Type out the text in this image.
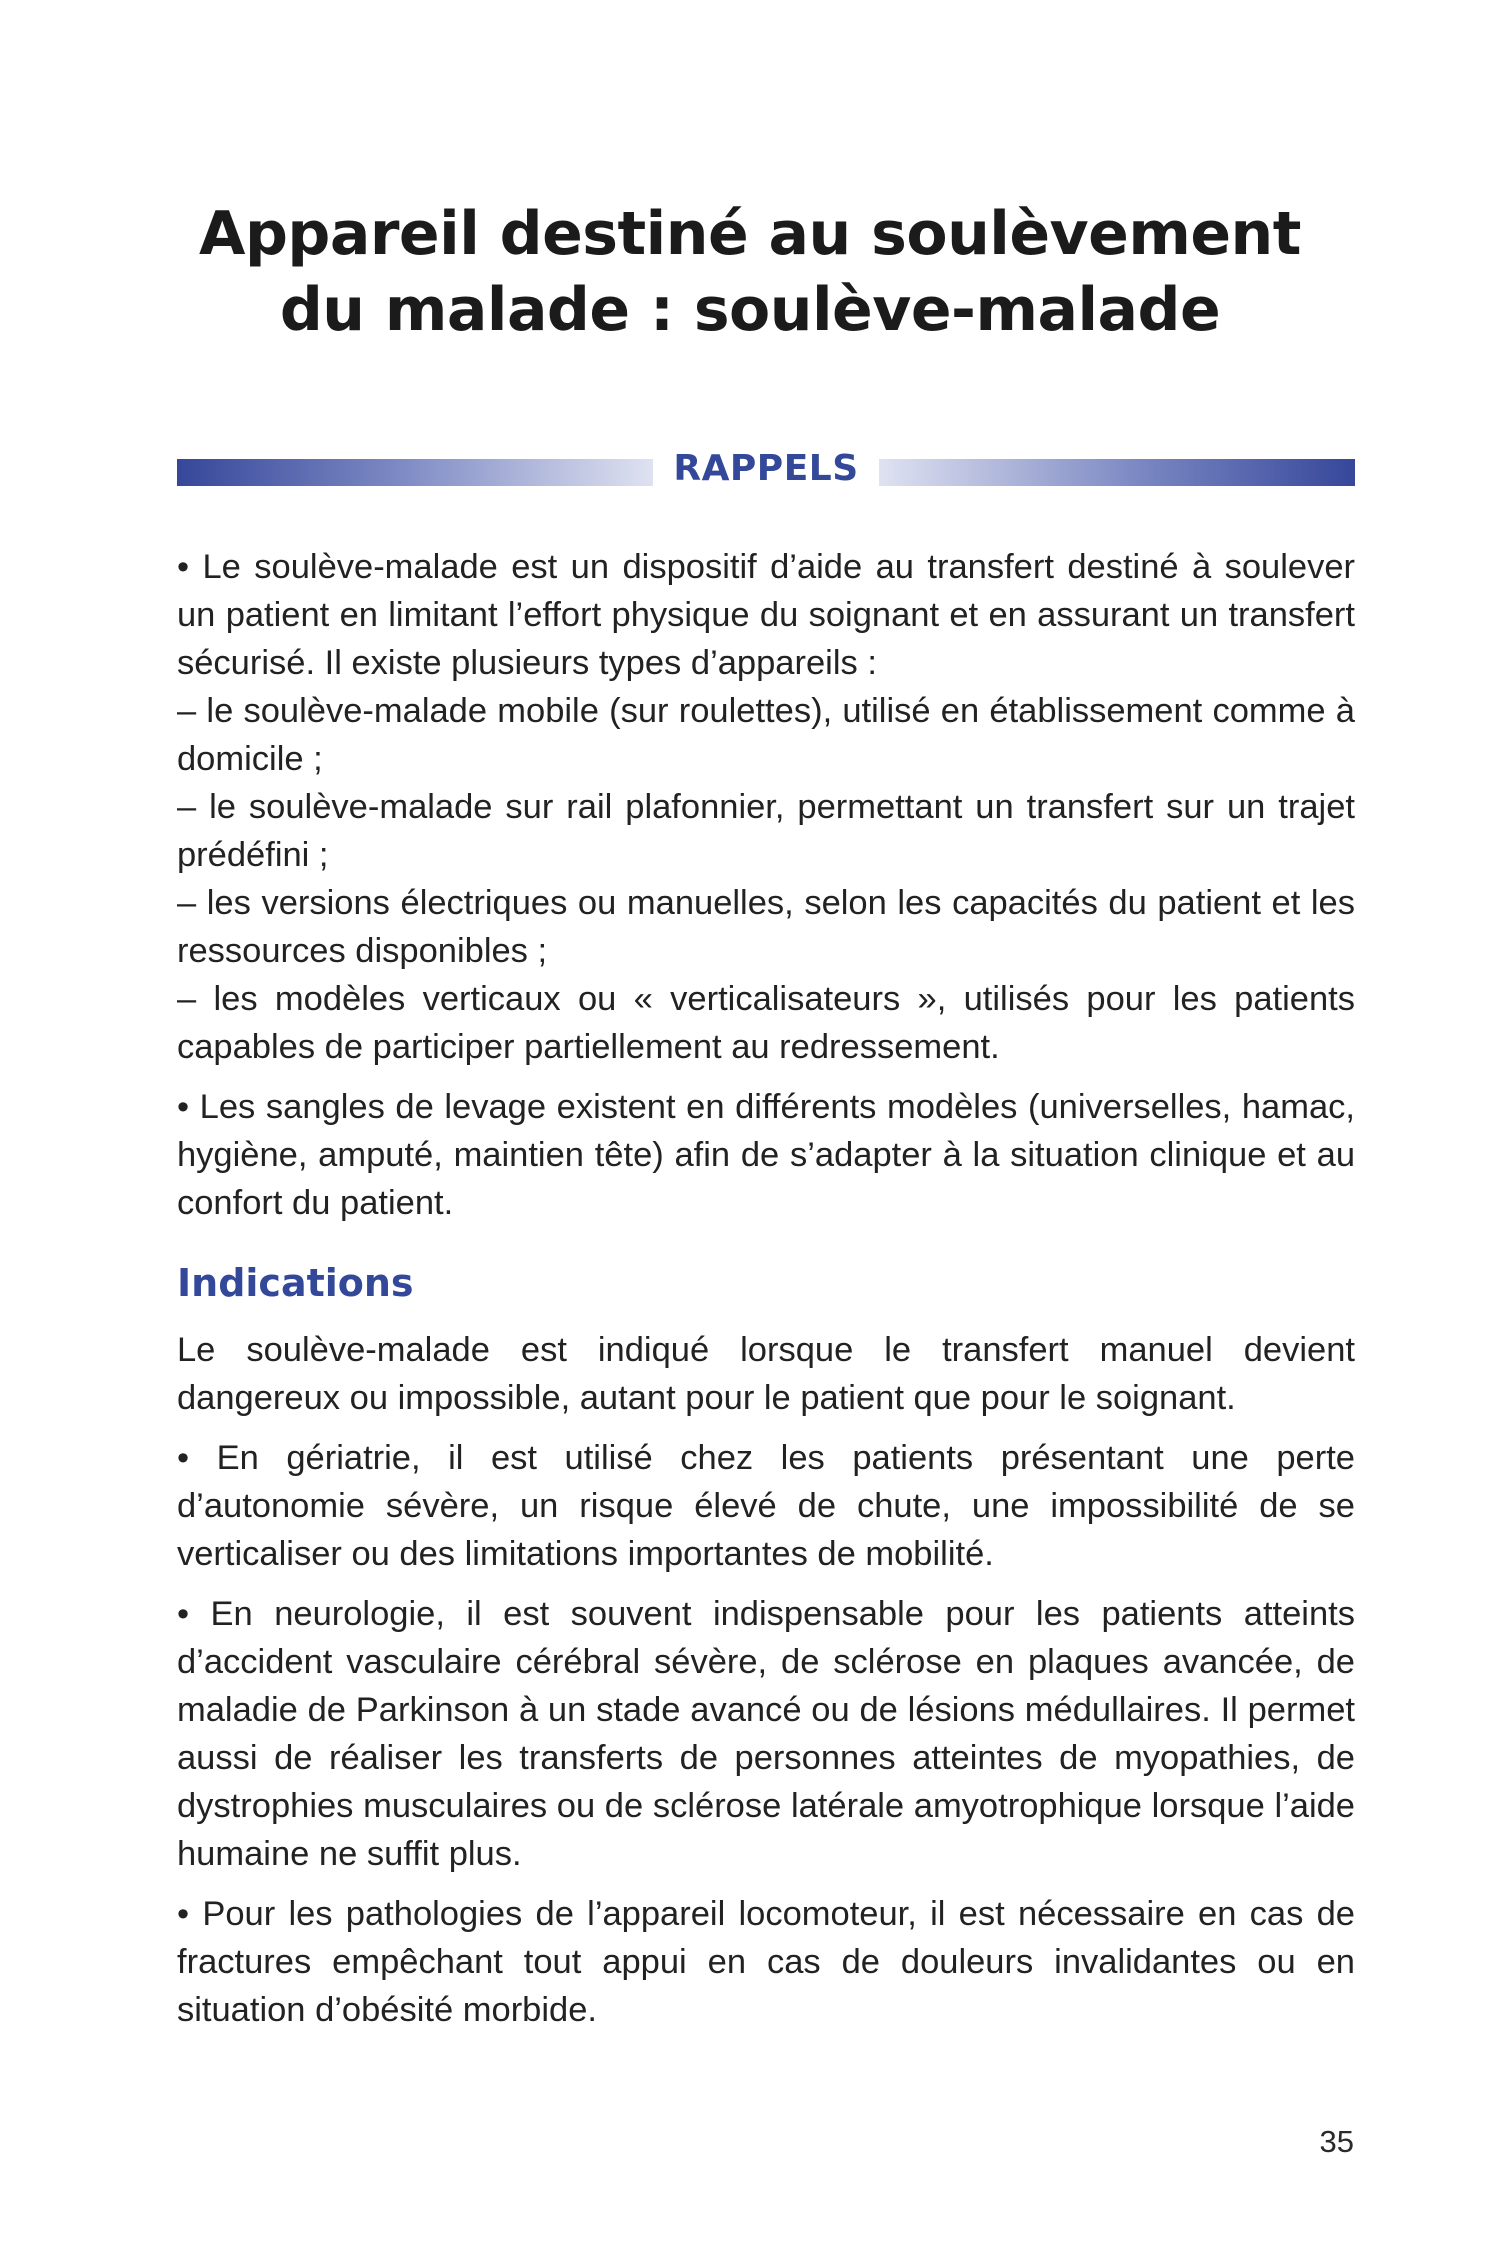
Appareil destiné au soulèvement
du malade : soulève-malade
RAPPELS

• Le soulève-malade est un dispositif d’aide au transfert destiné à soulever un patient en limitant l’effort physique du soignant et en assurant un transfert sécurisé. Il existe plusieurs types d’appareils :

– le soulève-malade mobile (sur roulettes), utilisé en établissement comme à domicile ;

– le soulève-malade sur rail plafonnier, permettant un transfert sur un trajet prédéfini ;

– les versions électriques ou manuelles, selon les capacités du patient et les ressources disponibles ;

– les modèles verticaux ou « verticalisateurs », utilisés pour les patients capables de participer partiellement au redressement.

• Les sangles de levage existent en différents modèles (universelles, hamac, hygiène, amputé, maintien tête) afin de s’adapter à la situation clinique et au confort du patient.

Indications

Le soulève-malade est indiqué lorsque le transfert manuel devient dangereux ou impossible, autant pour le patient que pour le soignant.

• En gériatrie, il est utilisé chez les patients présentant une perte d’autonomie sévère, un risque élevé de chute, une impossibilité de se verticaliser ou des limitations importantes de mobilité.

• En neurologie, il est souvent indispensable pour les patients atteints d’accident vasculaire cérébral sévère, de sclérose en plaques avancée, de maladie de Parkinson à un stade avancé ou de lésions médullaires. Il permet aussi de réaliser les transferts de personnes atteintes de myopathies, de dystrophies musculaires ou de sclérose latérale amyotrophique lorsque l’aide humaine ne suffit plus.

• Pour les pathologies de l’appareil locomoteur, il est nécessaire en cas de fractures empêchant tout appui en cas de douleurs invalidantes ou en situation d’obésité morbide.

35
